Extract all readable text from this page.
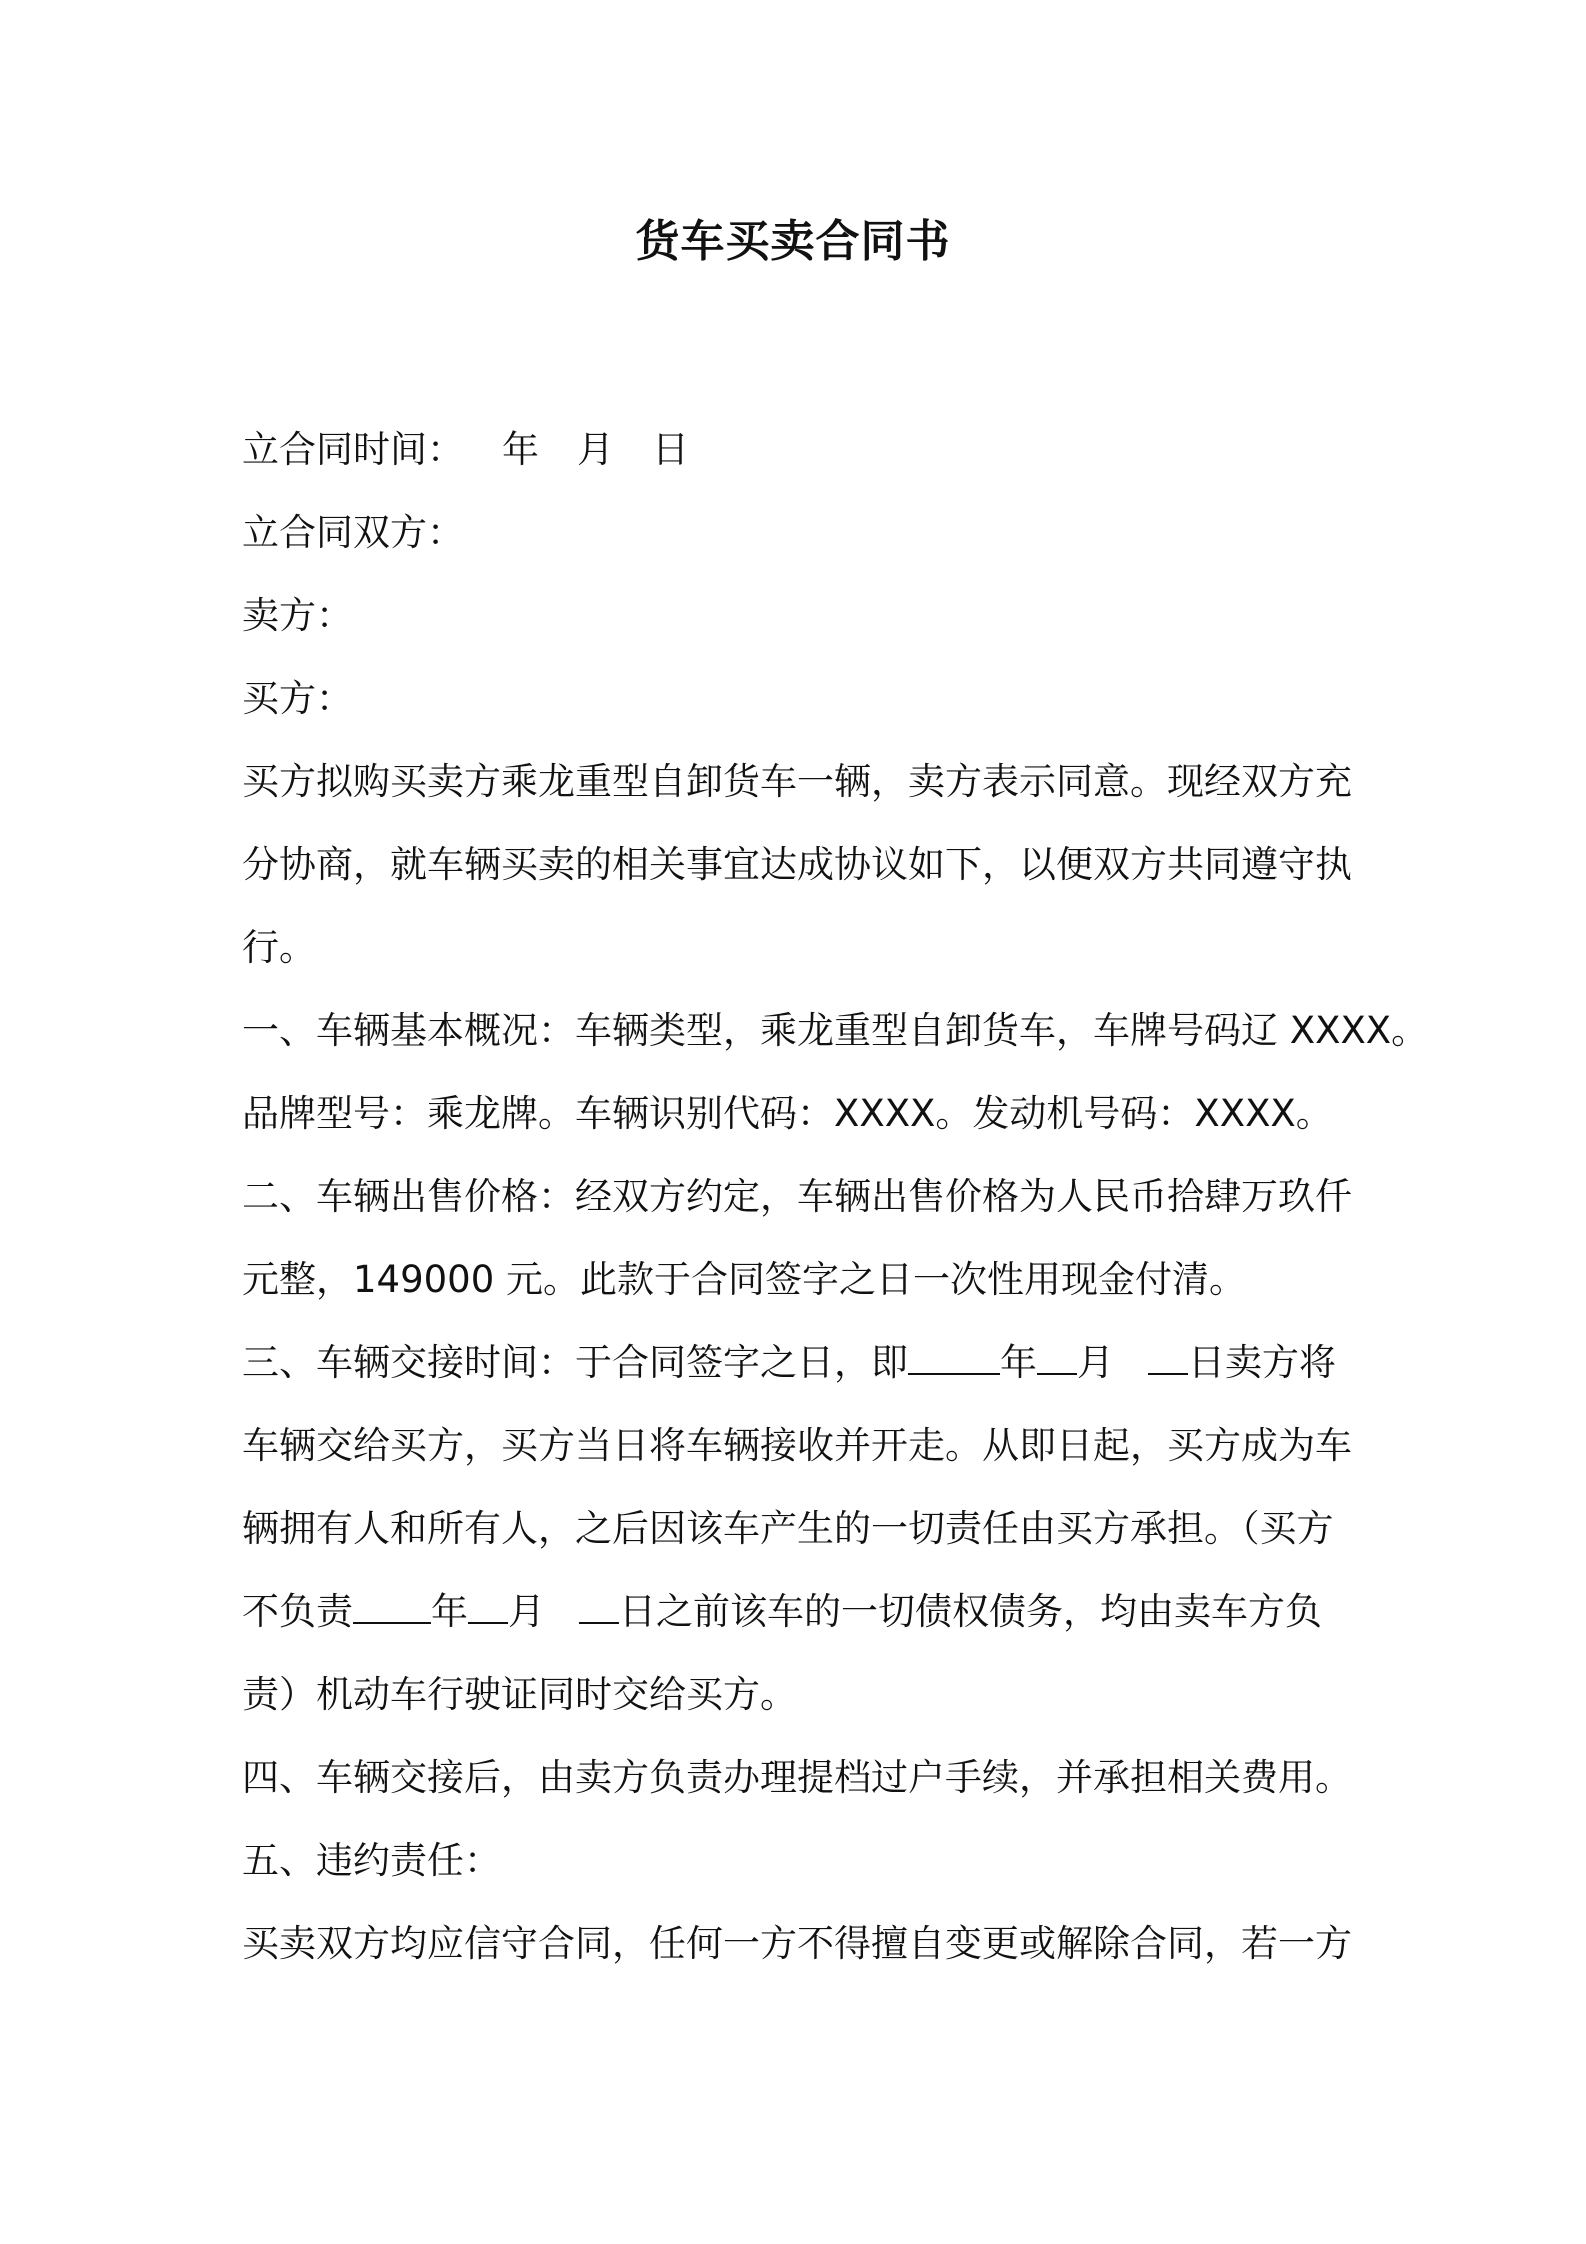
货车买卖合同书
立合同时间： 年 月 日
立合同双方：
卖方：
买方：
买方拟购买卖方乘龙重型自卸货车一辆，卖方表示同意。现经双方充
分协商，就车辆买卖的相关事宜达成协议如下，以便双方共同遵守执
行。
一、车辆基本概况：车辆类型，乘龙重型自卸货车，车牌号码辽 XXXX。
品牌型号：乘龙牌。车辆识别代码：XXXX。发动机号码：XXXX。
二、车辆出售价格：经双方约定，车辆出售价格为人民币拾肆万玖仟
元整，149000 元。此款于合同签字之日一次性用现金付清。
三、车辆交接时间：于合同签字之日，即 年 月 日卖方将
车辆交给买方，买方当日将车辆接收并开走。从即日起，买方成为车
辆拥有人和所有人，之后因该车产生的一切责任由买方承担。（买方
不负责 年 月 日之前该车的一切债权债务，均由卖车方负
责）机动车行驶证同时交给买方。
四、车辆交接后，由卖方负责办理提档过户手续，并承担相关费用。
五、违约责任：
买卖双方均应信守合同，任何一方不得擅自变更或解除合同，若一方
